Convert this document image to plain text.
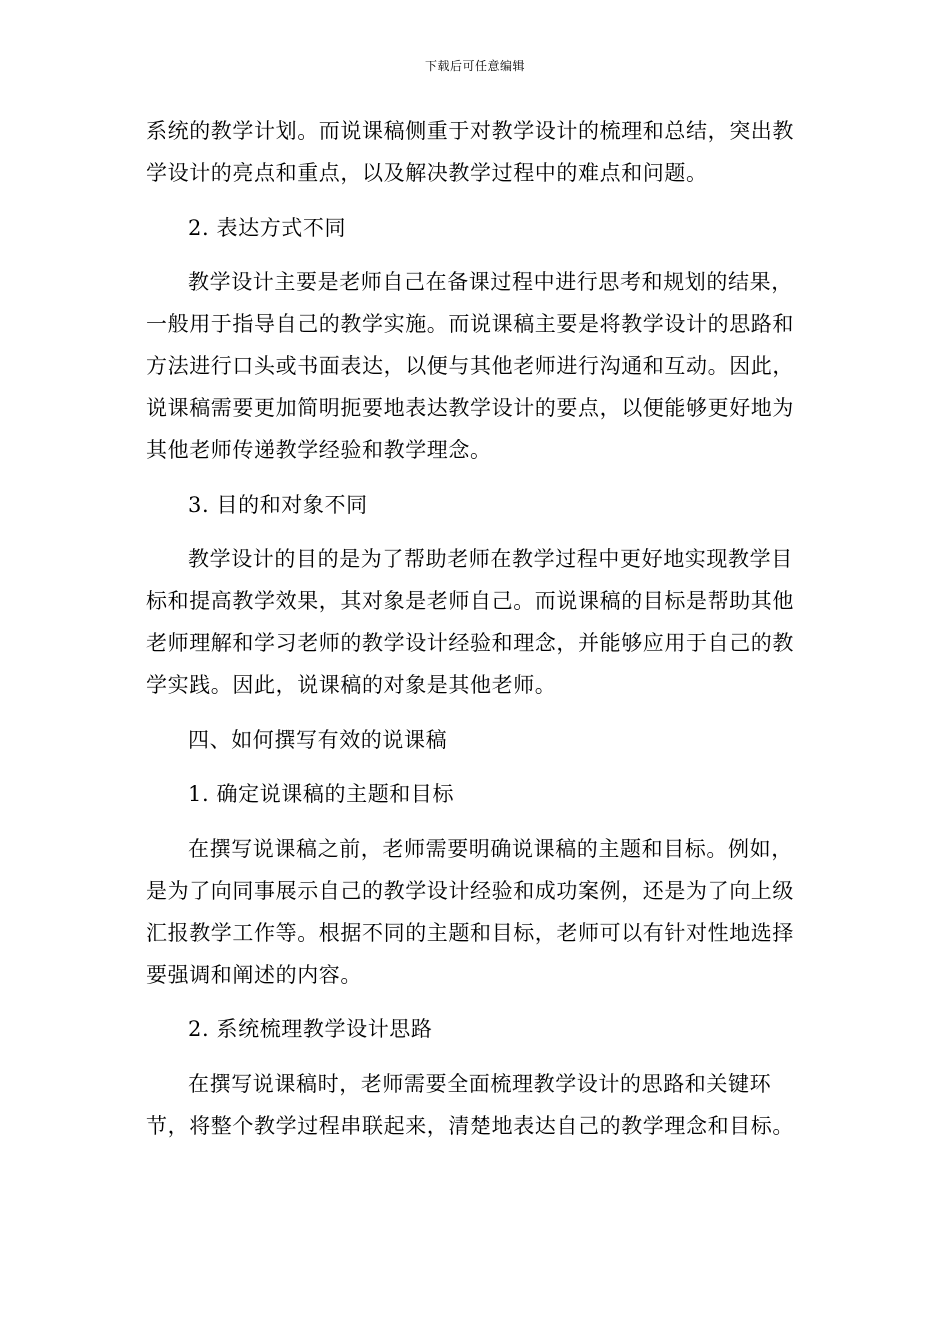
下载后可任意编辑

系统的教学计划。而说课稿侧重于对教学设计的梳理和总结，突出教学设计的亮点和重点，以及解决教学过程中的难点和问题。

2. 表达方式不同

教学设计主要是老师自己在备课过程中进行思考和规划的结果，一般用于指导自己的教学实施。而说课稿主要是将教学设计的思路和方法进行口头或书面表达，以便与其他老师进行沟通和互动。因此，说课稿需要更加简明扼要地表达教学设计的要点，以便能够更好地为其他老师传递教学经验和教学理念。

3. 目的和对象不同

教学设计的目的是为了帮助老师在教学过程中更好地实现教学目标和提高教学效果，其对象是老师自己。而说课稿的目标是帮助其他老师理解和学习老师的教学设计经验和理念，并能够应用于自己的教学实践。因此，说课稿的对象是其他老师。

四、如何撰写有效的说课稿

1. 确定说课稿的主题和目标

在撰写说课稿之前，老师需要明确说课稿的主题和目标。例如，是为了向同事展示自己的教学设计经验和成功案例，还是为了向上级汇报教学工作等。根据不同的主题和目标，老师可以有针对性地选择要强调和阐述的内容。

2. 系统梳理教学设计思路

在撰写说课稿时，老师需要全面梳理教学设计的思路和关键环节，将整个教学过程串联起来，清楚地表达自己的教学理念和目标。
